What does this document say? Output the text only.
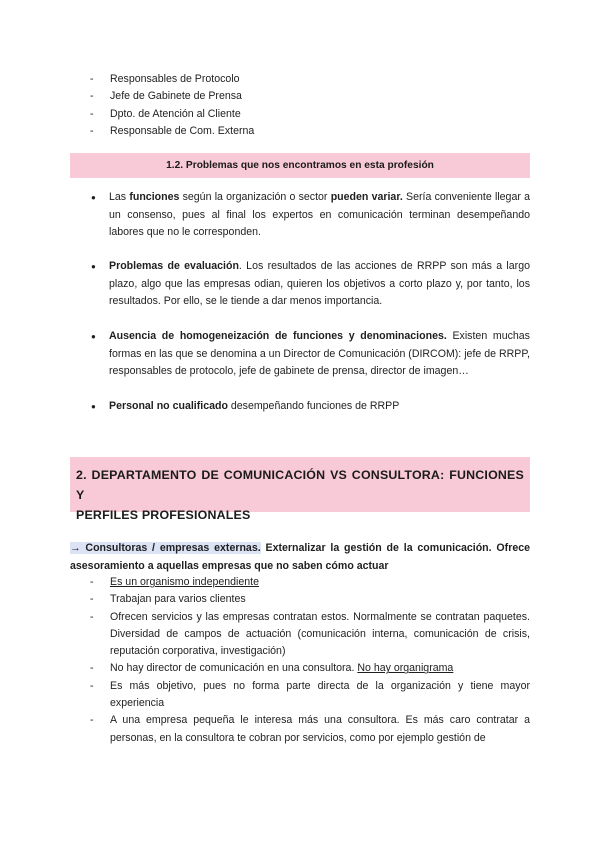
- Responsables de Protocolo
- Jefe de Gabinete de Prensa
- Dpto. de Atención al Cliente
- Responsable de Com. Externa
1.2. Problemas que nos encontramos en esta profesión
● Las funciones según la organización o sector pueden variar. Sería conveniente llegar a un consenso, pues al final los expertos en comunicación terminan desempeñando labores que no le corresponden.
● Problemas de evaluación. Los resultados de las acciones de RRPP son más a largo plazo, algo que las empresas odian, quieren los objetivos a corto plazo y, por tanto, los resultados. Por ello, se le tiende a dar menos importancia.
● Ausencia de homogeneización de funciones y denominaciones. Existen muchas formas en las que se denomina a un Director de Comunicación (DIRCOM): jefe de RRPP, responsables de protocolo, jefe de gabinete de prensa, director de imagen…
● Personal no cualificado desempeñando funciones de RRPP
2. DEPARTAMENTO DE COMUNICACIÓN VS CONSULTORA: FUNCIONES Y
PERFILES PROFESIONALES
→ Consultoras / empresas externas. Externalizar la gestión de la comunicación. Ofrece asesoramiento a aquellas empresas que no saben cómo actuar
- Es un organismo independiente
- Trabajan para varios clientes
- Ofrecen servicios y las empresas contratan estos. Normalmente se contratan paquetes. Diversidad de campos de actuación (comunicación interna, comunicación de crisis, reputación corporativa, investigación)
- No hay director de comunicación en una consultora. No hay organigrama
- Es más objetivo, pues no forma parte directa de la organización y tiene mayor experiencia
- A una empresa pequeña le interesa más una consultora. Es más caro contratar a personas, en la consultora te cobran por servicios, como por ejemplo gestión de
